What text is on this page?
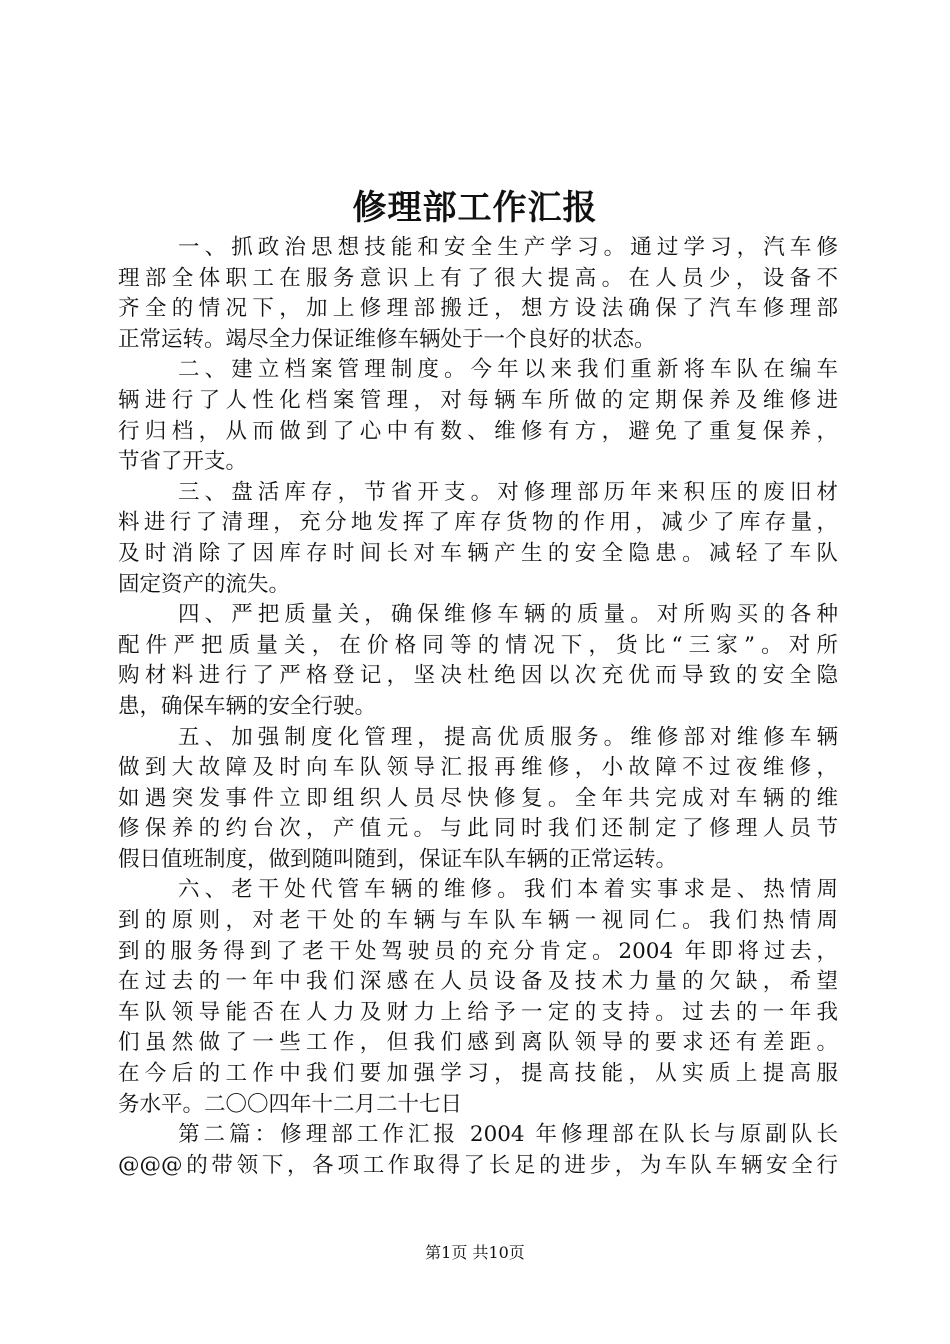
修理部工作汇报
一、抓政治思想技能和安全生产学习。通过学习，汽车修
理部全体职工在服务意识上有了很大提高。在人员少，设备不
齐全的情况下，加上修理部搬迁，想方设法确保了汽车修理部
正常运转。竭尽全力保证维修车辆处于一个良好的状态。
二、建立档案管理制度。今年以来我们重新将车队在编车
辆进行了人性化档案管理，对每辆车所做的定期保养及维修进
行归档，从而做到了心中有数、维修有方，避免了重复保养，
节省了开支。
三、盘活库存，节省开支。对修理部历年来积压的废旧材
料进行了清理，充分地发挥了库存货物的作用，减少了库存量，
及时消除了因库存时间长对车辆产生的安全隐患。减轻了车队
固定资产的流失。
四、严把质量关，确保维修车辆的质量。对所购买的各种
配件严把质量关，在价格同等的情况下，货比“三家”。对所
购材料进行了严格登记，坚决杜绝因以次充优而导致的安全隐
患，确保车辆的安全行驶。
五、加强制度化管理，提高优质服务。维修部对维修车辆
做到大故障及时向车队领导汇报再维修，小故障不过夜维修，
如遇突发事件立即组织人员尽快修复。全年共完成对车辆的维
修保养的约台次，产值元。与此同时我们还制定了修理人员节
假日值班制度，做到随叫随到，保证车队车辆的正常运转。
六、老干处代管车辆的维修。我们本着实事求是、热情周
到的原则，对老干处的车辆与车队车辆一视同仁。我们热情周
到的服务得到了老干处驾驶员的充分肯定。2004 年即将过去，
在过去的一年中我们深感在人员设备及技术力量的欠缺，希望
车队领导能否在人力及财力上给予一定的支持。过去的一年我
们虽然做了一些工作，但我们感到离队领导的要求还有差距。
在今后的工作中我们要加强学习，提高技能，从实质上提高服
务水平。二〇〇四年十二月二十七日
第二篇：修理部工作汇报 2004 年修理部在队长与原副队长
@@@的带领下，各项工作取得了长足的进步，为车队车辆安全行
第1页 共10页
